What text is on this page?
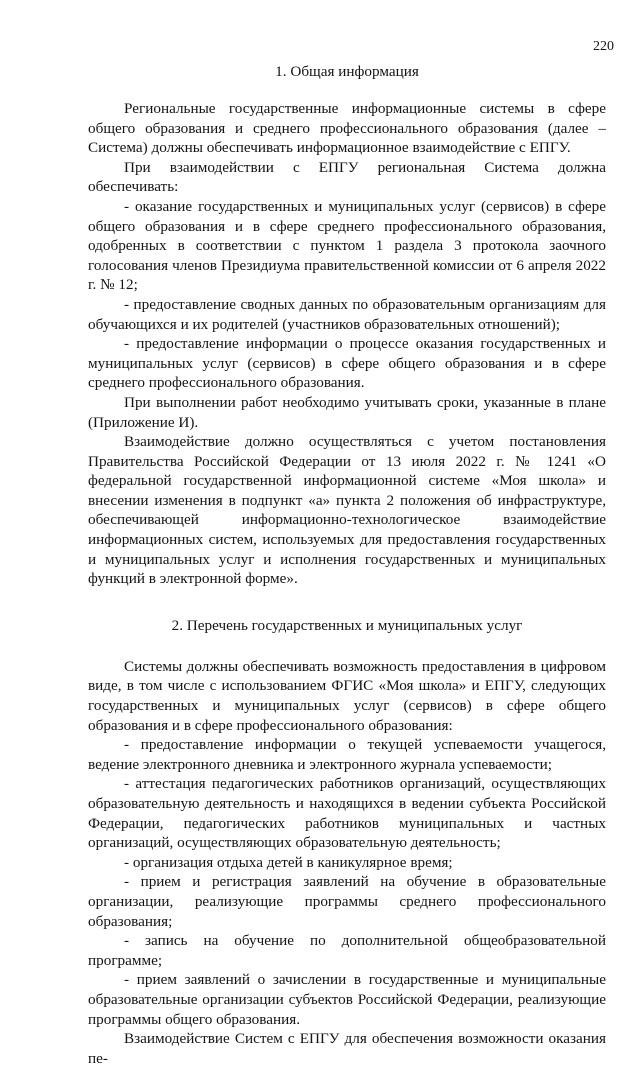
220
1. Общая информация

Региональные государственные информационные системы в сфере общего образования и среднего профессионального образования (далее – Система) должны обеспечивать информационное взаимодействие с ЕПГУ.

При взаимодействии с ЕПГУ региональная Система должна обеспечивать:

- оказание государственных и муниципальных услуг (сервисов) в сфере общего образования и в сфере среднего профессионального образования, одобренных в соответствии с пунктом 1 раздела 3 протокола заочного голосования членов Президиума правительственной комиссии от 6 апреля 2022 г. № 12;

- предоставление сводных данных по образовательным организациям для обучающихся и их родителей (участников образовательных отношений);

- предоставление информации о процессе оказания государственных и муниципальных услуг (сервисов) в сфере общего образования и в сфере среднего профессионального образования.

При выполнении работ необходимо учитывать сроки, указанные в плане (Приложение И).

Взаимодействие должно осуществляться с учетом постановления Правительства Российской Федерации от 13 июля 2022 г. № 1241 «О федеральной государственной информационной системе «Моя школа» и внесении изменения в подпункт «а» пункта 2 положения об инфраструктуре, обеспечивающей информационно-технологическое взаимодействие информационных систем, используемых для предоставления государственных и муниципальных услуг и исполнения государственных и муниципальных функций в электронной форме».

2. Перечень государственных и муниципальных услуг

Системы должны обеспечивать возможность предоставления в цифровом виде, в том числе с использованием ФГИС «Моя школа» и ЕПГУ, следующих государственных и муниципальных услуг (сервисов) в сфере общего образования и в сфере профессионального образования:

- предоставление информации о текущей успеваемости учащегося, ведение электронного дневника и электронного журнала успеваемости;

- аттестация педагогических работников организаций, осуществляющих образовательную деятельность и находящихся в ведении субъекта Российской Федерации, педагогических работников муниципальных и частных организаций, осуществляющих образовательную деятельность;

- организация отдыха детей в каникулярное время;

- прием и регистрация заявлений на обучение в образовательные организации, реализующие программы среднего профессионального образования;

- запись на обучение по дополнительной общеобразовательной программе;

- прием заявлений о зачислении в государственные и муниципальные образовательные организации субъектов Российской Федерации, реализующие программы общего образования.

Взаимодействие Систем с ЕПГУ для обеспечения возможности оказания пе-
